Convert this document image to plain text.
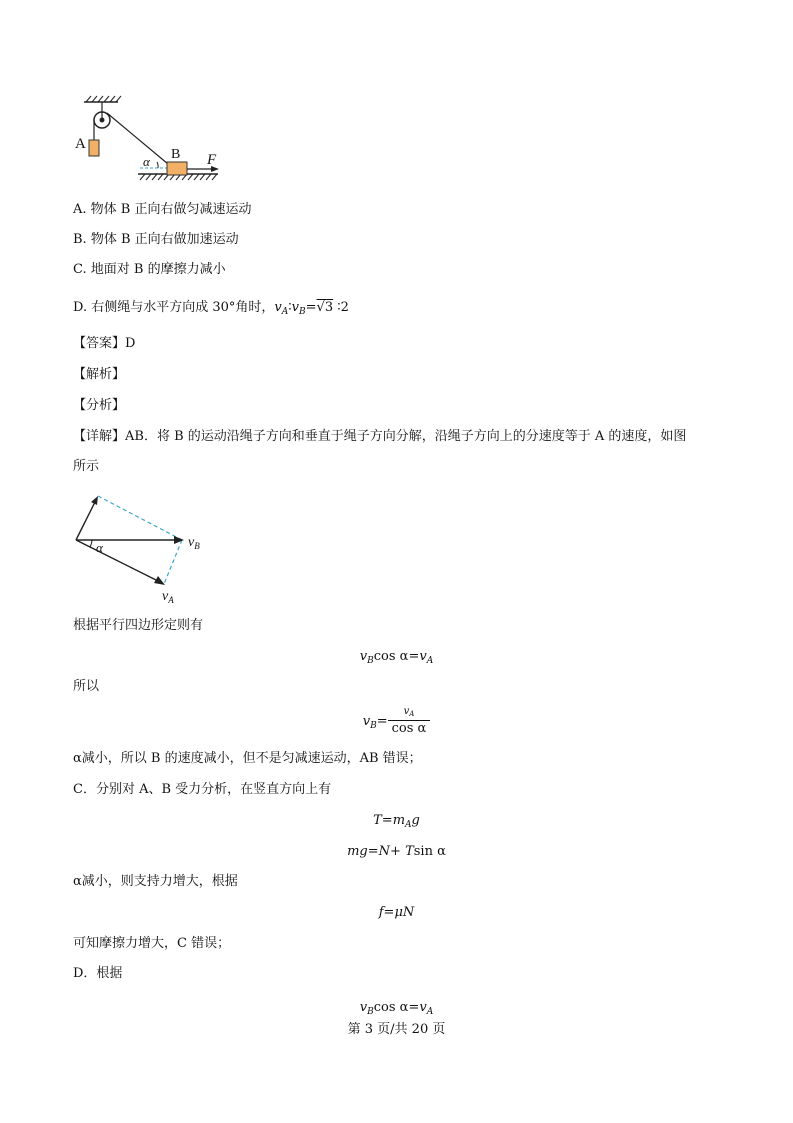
A
B F
α
A. 物体 B 正向右做匀减速运动
B. 物体 B 正向右做加速运动
C. 地面对 B 的摩擦力减小
D. 右侧绳与水平方向成 30°角时，$v_A∶v_B=√3$ ∶2
【答案】D
【解析】
【分析】
【详解】AB．将 B 的运动沿绳子方向和垂直于绳子方向分解，沿绳子方向上的分速度等于 A 的速度，如图
所示
α	$v_B$
$v_A$
根据平行四边形定则有
$v_B\cos$ $\alpha=v_A$
所以
$v_B= \frac{v_A}{\text{cos α}}$
α减小，所以 B 的速度减小，但不是匀减速运动，AB 错误；
C．分别对 A、B 受力分析，在竖直方向上有
$T=m_Ag$
mg=N+ Tsin α
α减小，则支持力增大，根据
f=μN
可知摩擦力增大，C 错误；
D．根据
$v_B\cos$ $\alpha=v_A$
第 3 页/共 20 页
